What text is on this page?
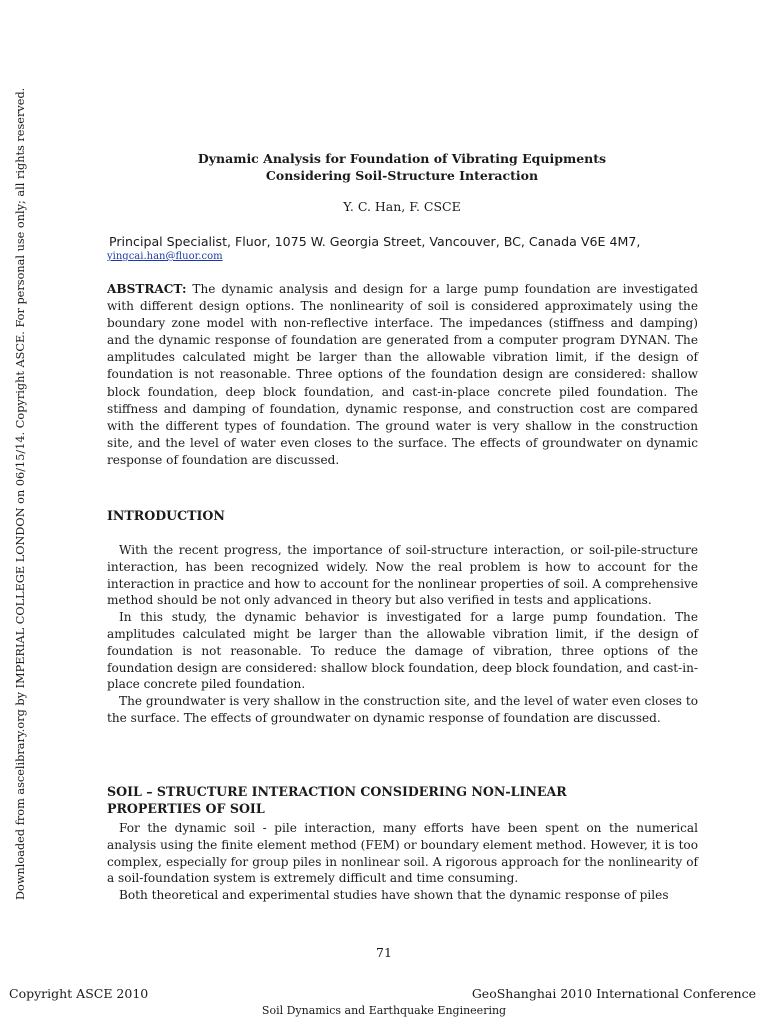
Downloaded from ascelibrary.org by IMPERIAL COLLEGE LONDON on 06/15/14. Copyright ASCE. For personal use only; all rights reserved.	Dynamic Analysis for Foundation of Vibrating Equipments
Considering Soil-Structure Interaction
Y. C. Han, F. CSCE
Principal Specialist, Fluor, 1075 W. Georgia Street, Vancouver, BC, Canada V6E 4M7,
yingcai.han@fluor.com

ABSTRACT: The dynamic analysis and design for a large pump foundation are investigated with different design options. The nonlinearity of soil is considered approximately using the boundary zone model with non-reflective interface. The impedances (stiffness and damping) and the dynamic response of foundation are generated from a computer program DYNAN. The amplitudes calculated might be larger than the allowable vibration limit, if the design of foundation is not reasonable. Three options of the foundation design are considered: shallow block foundation, deep block foundation, and cast-in-place concrete piled foundation. The stiffness and damping of foundation, dynamic response, and construction cost are compared with the different types of foundation. The ground water is very shallow in the construction site, and the level of water even closes to the surface. The effects of groundwater on dynamic response of foundation are discussed.

INTRODUCTION

With the recent progress, the importance of soil-structure interaction, or soil-pile-structure interaction, has been recognized widely. Now the real problem is how to account for the interaction in practice and how to account for the nonlinear properties of soil. A comprehensive method should be not only advanced in theory but also verified in tests and applications.

In this study, the dynamic behavior is investigated for a large pump foundation. The amplitudes calculated might be larger than the allowable vibration limit, if the design of foundation is not reasonable. To reduce the damage of vibration, three options of the foundation design are considered: shallow block foundation, deep block foundation, and cast-in-place concrete piled foundation.

The groundwater is very shallow in the construction site, and the level of water even closes to the surface. The effects of groundwater on dynamic response of foundation are discussed.

SOIL – STRUCTURE INTERACTION CONSIDERING NON-LINEAR
PROPERTIES OF SOIL

For the dynamic soil - pile interaction, many efforts have been spent on the numerical analysis using the finite element method (FEM) or boundary element method. However, it is too complex, especially for group piles in nonlinear soil. A rigorous approach for the nonlinearity of a soil-foundation system is extremely difficult and time consuming.

Both theoretical and experimental studies have shown that the dynamic response of piles

71
Copyright ASCE 2010	GeoShanghai 2010 International Conference
Soil Dynamics and Earthquake Engineering
